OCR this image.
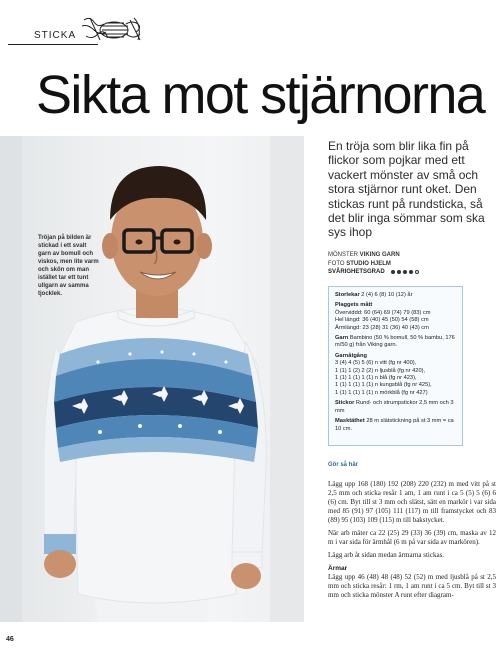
STICKA
Sikta mot stjärnorna
Tröjan på bilden är stickad i ett svalt garn av bomull och viskos, men lite varm och skön om man istället tar ett tunt ullgarn av samma tjocklek.

En tröja som blir lika fin på flickor som pojkar med ett vackert mönster av små och stora stjärnor runt oket. Den stickas runt på rundsticka, så det blir inga sömmar som ska sys ihop

MÖNSTER VIKING GARN
FOTO STUDIO HJELM
SVÅRIGHETSGRAD
Storlekar 2 (4) 6 (8) 10 (12) år
Plaggets mått
Överviddd: 60 (64) 69 (74) 79 (83) cm
Hel längd: 36 (40) 45 (50) 54 (58) cm
Ärmlängd: 23 (28) 31 (36) 40 (43) cm
Garn Bambino (50 % bomull, 50 % bambu, 176 m/50 g) från Viking garn.
Garnåtgång
3 (4) 4 (5) 5 (6) n vitt (fg nr 400),
1 (1) 1 (2) 2 (2) n ljusblå (fg nr 420),
1 (1) 1 (1) 1 (1) n blå (fg nr 423),
1 (1) 1 (1) 1 (1) n kungsblå (fg nr 425),
1 (1) 1 (1) 1 (1) n mörkblå (fg nr 427)
Stickor Rund- och strumpstickor 2,5 mm och 3 mm
Masktäthet 28 m slätstickning på st 3 mm = ca 10 cm.
Gör så här

Lägg upp 168 (180) 192 (208) 220 (232) m med vitt på st 2,5 mm och sticka resår 1 am, 1 am runt i ca 5 (5) 5 (6) 6 (6) cm. Byt till st 3 mm och slätst, sätt en markör i var sida med 85 (91) 97 (105) 111 (117) m till framstycket och 83 (89) 95 (103) 109 (115) m till bakstycket.

När arb mäter ca 22 (25) 29 (33) 36 (39) cm, maska av 12 m i var sida för ärmhål (6 m på var sida av markören).

Lägg arb åt sidan medan ärmarna stickas.

Ärmar

Lägg upp 46 (48) 48 (48) 52 (52) m med ljusblå på st 2,5 mm och sticka resår: 1 rm, 1 am runt i ca 5 cm. Byt till st 3 mm och sticka mönster A runt efter diagram-

46
